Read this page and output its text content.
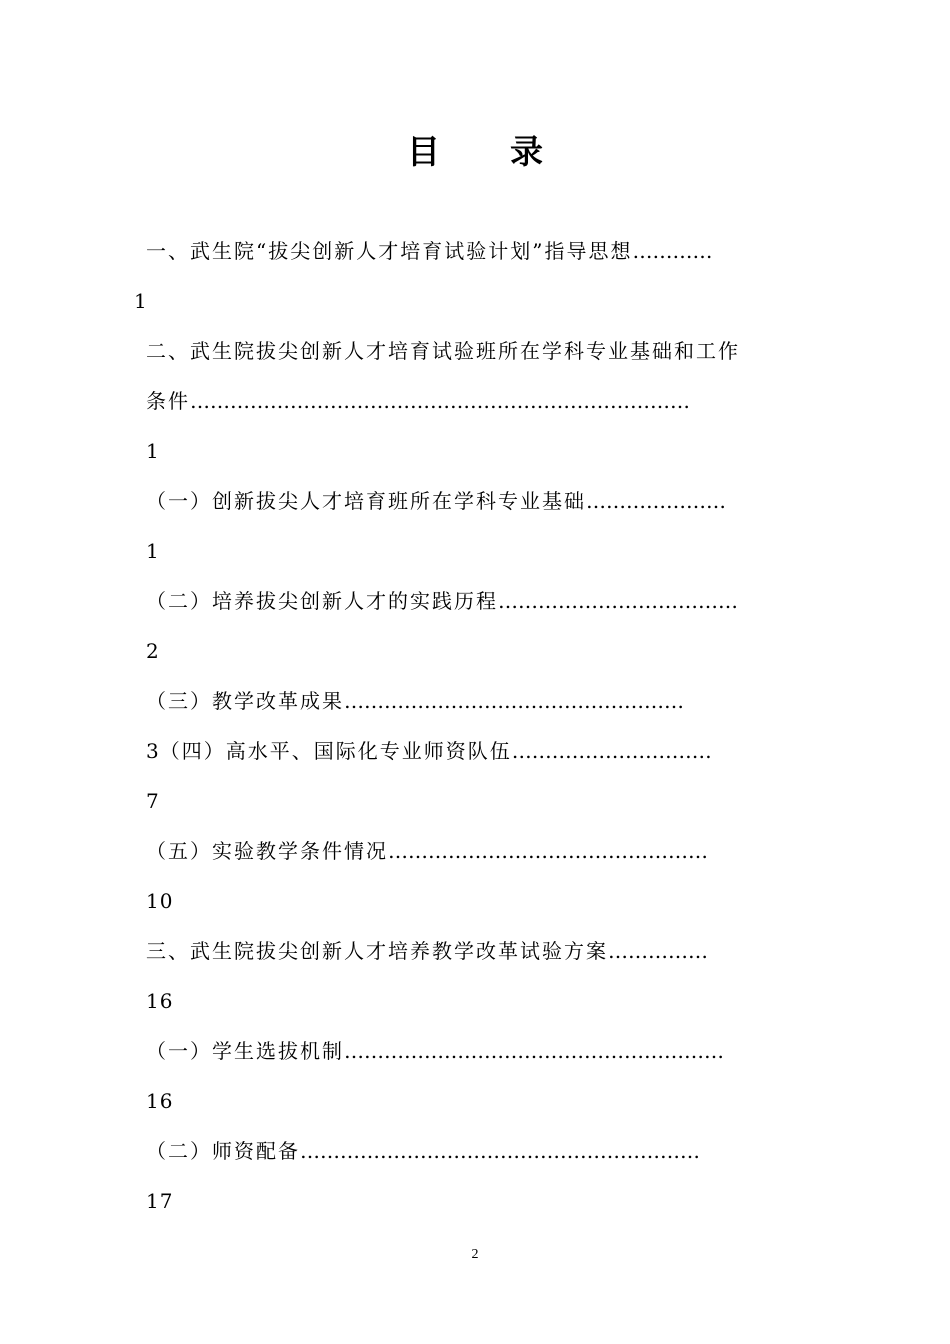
目 录
一、武生院“拔尖创新人才培育试验计划”指导思想…………
1
二、武生院拔尖创新人才培育试验班所在学科专业基础和工作
条件…………………………………………………………………
1
（一）创新拔尖人才培育班所在学科专业基础…………………
1
（二）培养拔尖创新人才的实践历程………………………………
2
（三）教学改革成果……………………………………………
3（四）高水平、国际化专业师资队伍…………………………
7
（五）实验教学条件情况…………………………………………
10
三、武生院拔尖创新人才培养教学改革试验方案……………
16
（一）学生选拔机制…………………………………………………
16
（二）师资配备……………………………………………………
17
2
